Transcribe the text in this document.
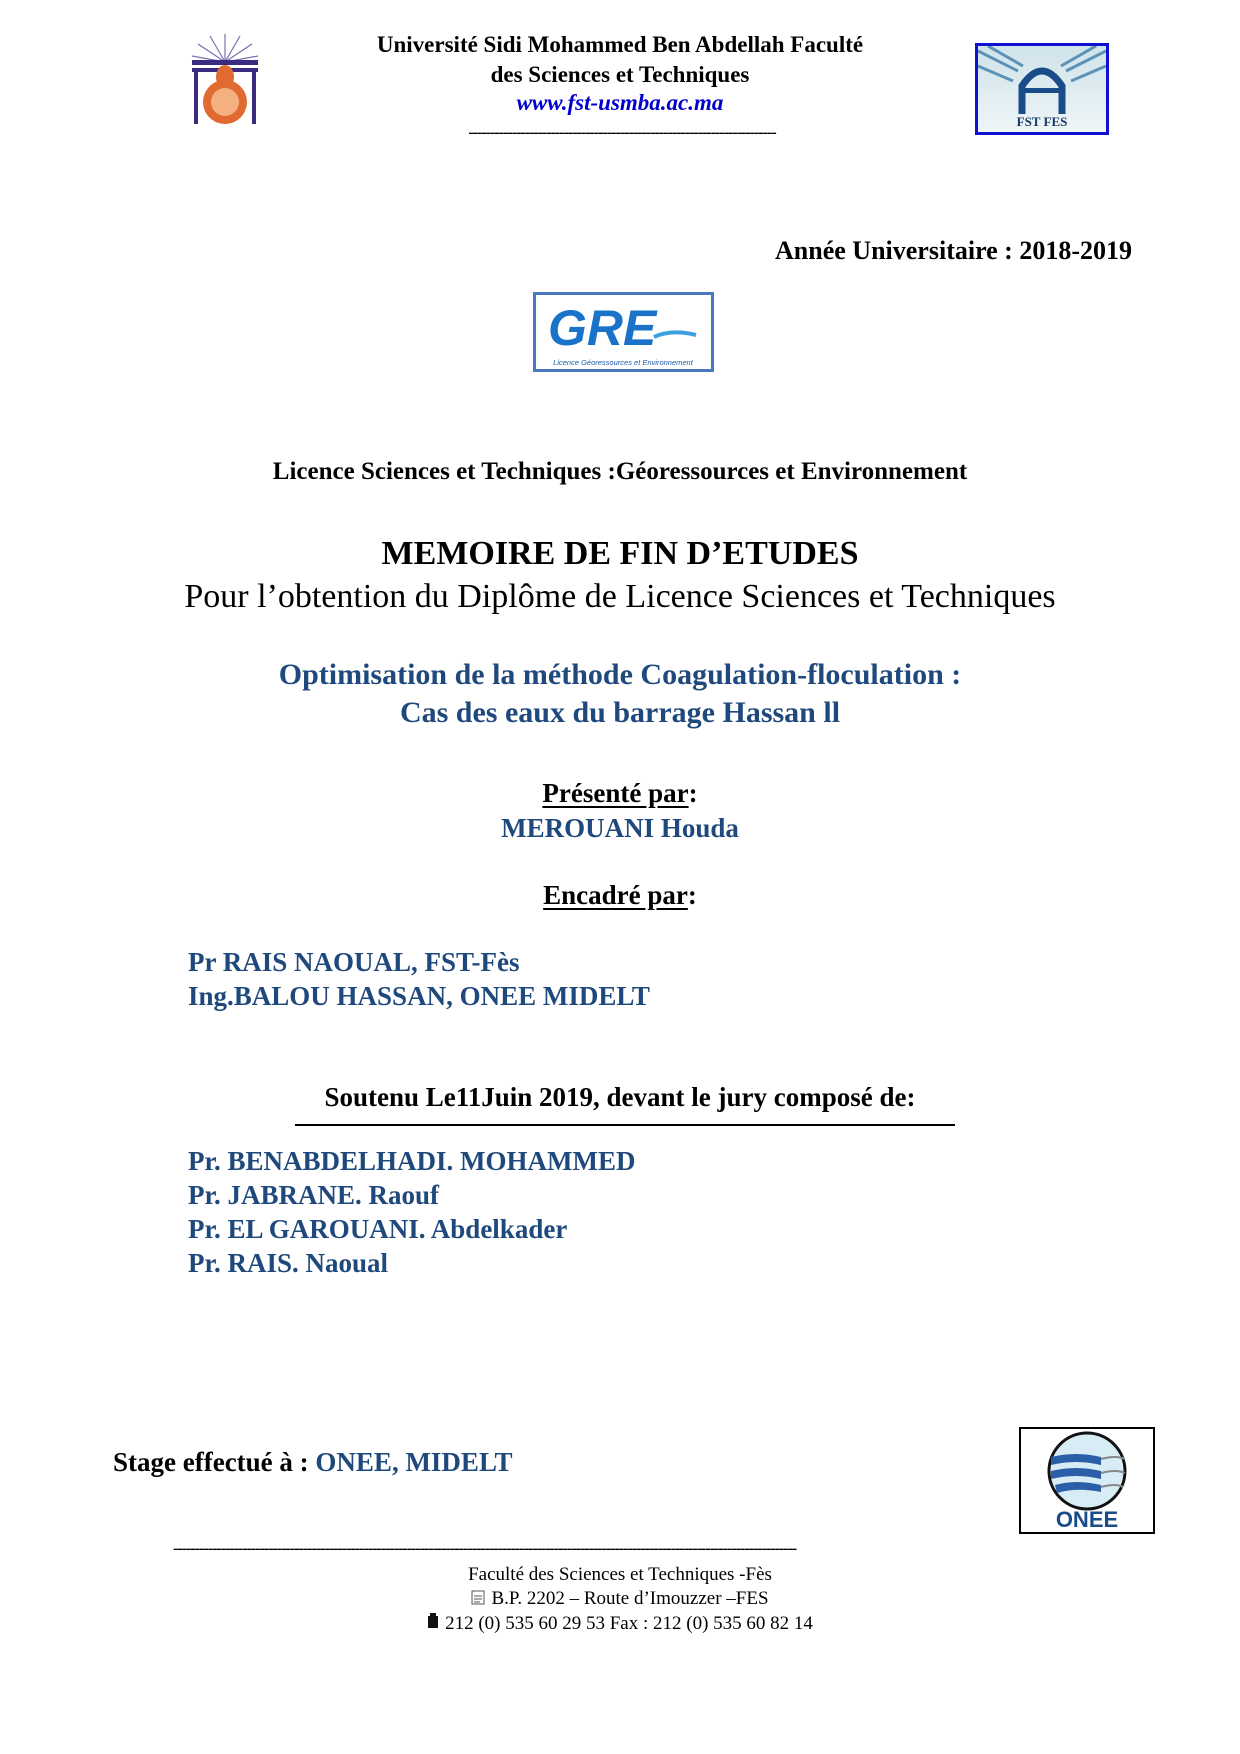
Université Sidi Mohammed Ben Abdellah Faculté
des Sciences et Techniques
www.fst-usmba.ac.ma
-----------------------------------------------------------------------
FST FES
Année Universitaire : 2018-2019
GRE
Licence Géoressources et Environnement
Licence Sciences et Techniques :Géoressources et Environnement
MEMOIRE DE FIN D’ETUDES
Pour l’obtention du Diplôme de Licence Sciences et Techniques
Optimisation de la méthode Coagulation-floculation :
Cas des eaux du barrage Hassan ll
Présenté par:
MEROUANI Houda
Encadré par:
Pr RAIS NAOUAL, FST-Fès
Ing.BALOU HASSAN, ONEE MIDELT
Soutenu Le11Juin 2019, devant le jury composé de:
Pr. BENABDELHADI. MOHAMMED
Pr. JABRANE. Raouf
Pr. EL GAROUANI. Abdelkader
Pr. RAIS. Naoual
Stage effectué à : ONEE, MIDELT
ONEE
------------------------------------------------------------------------------------------------------------------------------------------------
Faculté des Sciences et Techniques -Fès
B.P. 2202 – Route d’Imouzzer –FES
212 (0) 535 60 29 53 Fax : 212 (0) 535 60 82 14
